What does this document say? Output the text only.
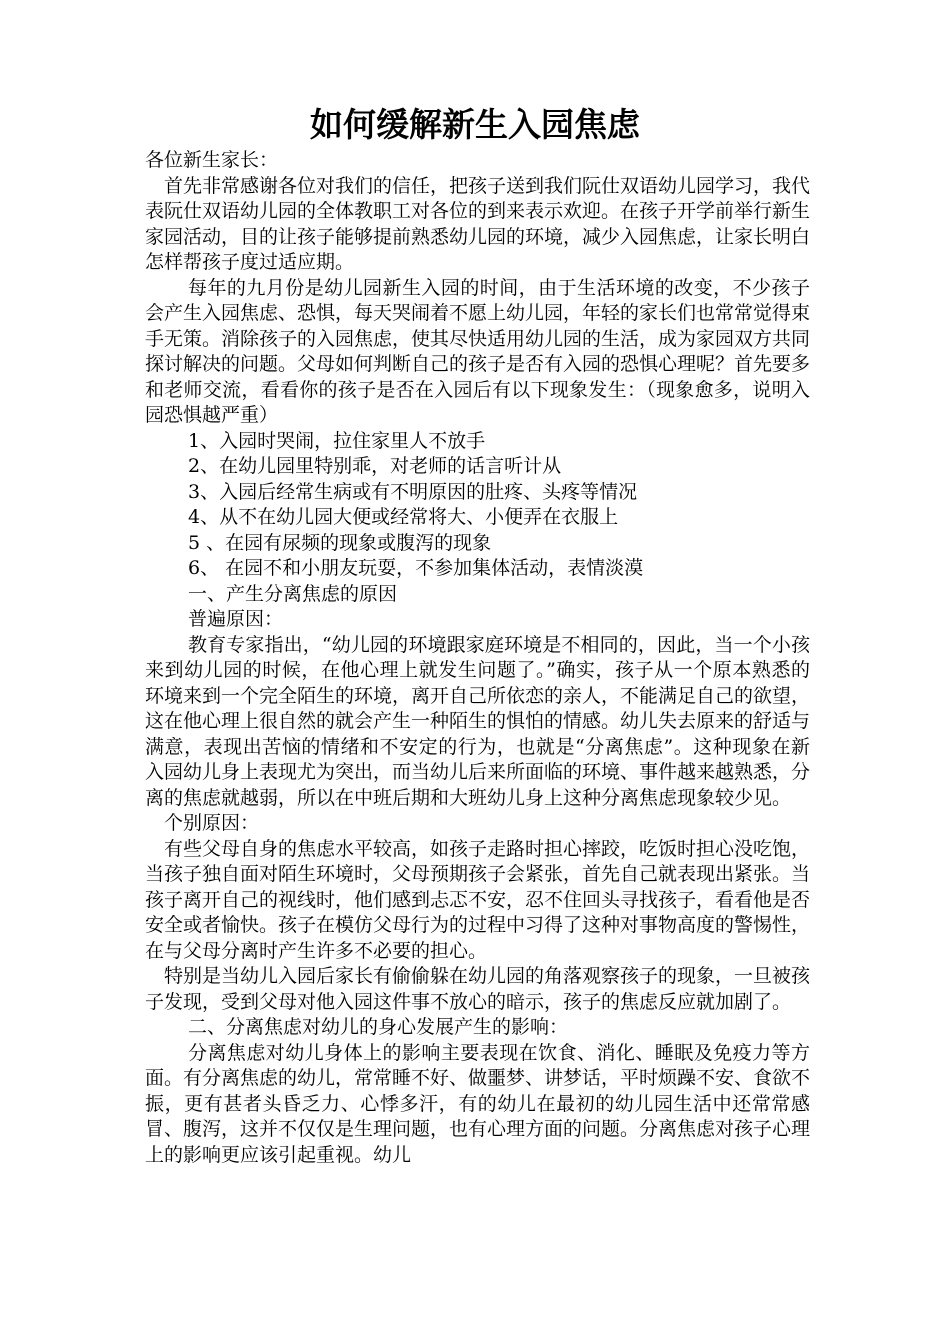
如何缓解新生入园焦虑

各位新生家长：

首先非常感谢各位对我们的信任，把孩子送到我们阮仕双语幼儿园学习，我代表阮仕双语幼儿园的全体教职工对各位的到来表示欢迎。在孩子开学前举行新生家园活动，目的让孩子能够提前熟悉幼儿园的环境，减少入园焦虑，让家长明白怎样帮孩子度过适应期。

每年的九月份是幼儿园新生入园的时间，由于生活环境的改变，不少孩子会产生入园焦虑、恐惧，每天哭闹着不愿上幼儿园，年轻的家长们也常常觉得束手无策。消除孩子的入园焦虑，使其尽快适用幼儿园的生活，成为家园双方共同探讨解决的问题。父母如何判断自己的孩子是否有入园的恐惧心理呢？首先要多和老师交流，看看你的孩子是否在入园后有以下现象发生：（现象愈多，说明入园恐惧越严重）

1、入园时哭闹，拉住家里人不放手

2、在幼儿园里特别乖，对老师的话言听计从

3、入园后经常生病或有不明原因的肚疼、头疼等情况

4、从不在幼儿园大便或经常将大、小便弄在衣服上

5 、在园有尿频的现象或腹泻的现象

6、 在园不和小朋友玩耍，不参加集体活动，表情淡漠

一、产生分离焦虑的原因

普遍原因：

教育专家指出，“幼儿园的环境跟家庭环境是不相同的，因此，当一个小孩来到幼儿园的时候，在他心理上就发生问题了。”确实，孩子从一个原本熟悉的环境来到一个完全陌生的环境，离开自己所依恋的亲人，不能满足自己的欲望，这在他心理上很自然的就会产生一种陌生的惧怕的情感。幼儿失去原来的舒适与满意，表现出苦恼的情绪和不安定的行为，也就是“分离焦虑”。这种现象在新入园幼儿身上表现尤为突出，而当幼儿后来所面临的环境、事件越来越熟悉，分离的焦虑就越弱，所以在中班后期和大班幼儿身上这种分离焦虑现象较少见。

个别原因：

有些父母自身的焦虑水平较高，如孩子走路时担心摔跤，吃饭时担心没吃饱，当孩子独自面对陌生环境时，父母预期孩子会紧张，首先自己就表现出紧张。当孩子离开自己的视线时，他们感到忐忑不安，忍不住回头寻找孩子，看看他是否安全或者愉快。孩子在模仿父母行为的过程中习得了这种对事物高度的警惕性，在与父母分离时产生许多不必要的担心。

特别是当幼儿入园后家长有偷偷躲在幼儿园的角落观察孩子的现象，一旦被孩子发现，受到父母对他入园这件事不放心的暗示，孩子的焦虑反应就加剧了。

二、分离焦虑对幼儿的身心发展产生的影响：

分离焦虑对幼儿身体上的影响主要表现在饮食、消化、睡眠及免疫力等方面。有分离焦虑的幼儿，常常睡不好、做噩梦、讲梦话，平时烦躁不安、食欲不振，更有甚者头昏乏力、心悸多汗，有的幼儿在最初的幼儿园生活中还常常感冒、腹泻，这并不仅仅是生理问题，也有心理方面的问题。分离焦虑对孩子心理上的影响更应该引起重视。幼儿
